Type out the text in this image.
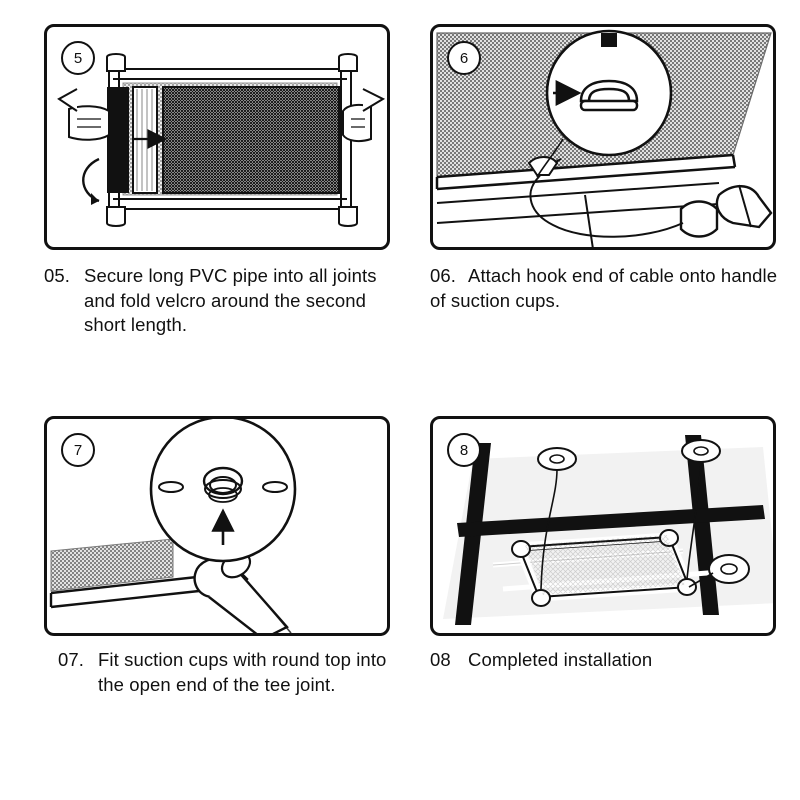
5
05. Secure long PVC pipe into all joints and fold velcro around the second short length.
6
06. Attach hook end of cable onto handle of suction cups.
7
07. Fit suction cups with round top into the open end of the tee joint.
8
08 Completed installation
